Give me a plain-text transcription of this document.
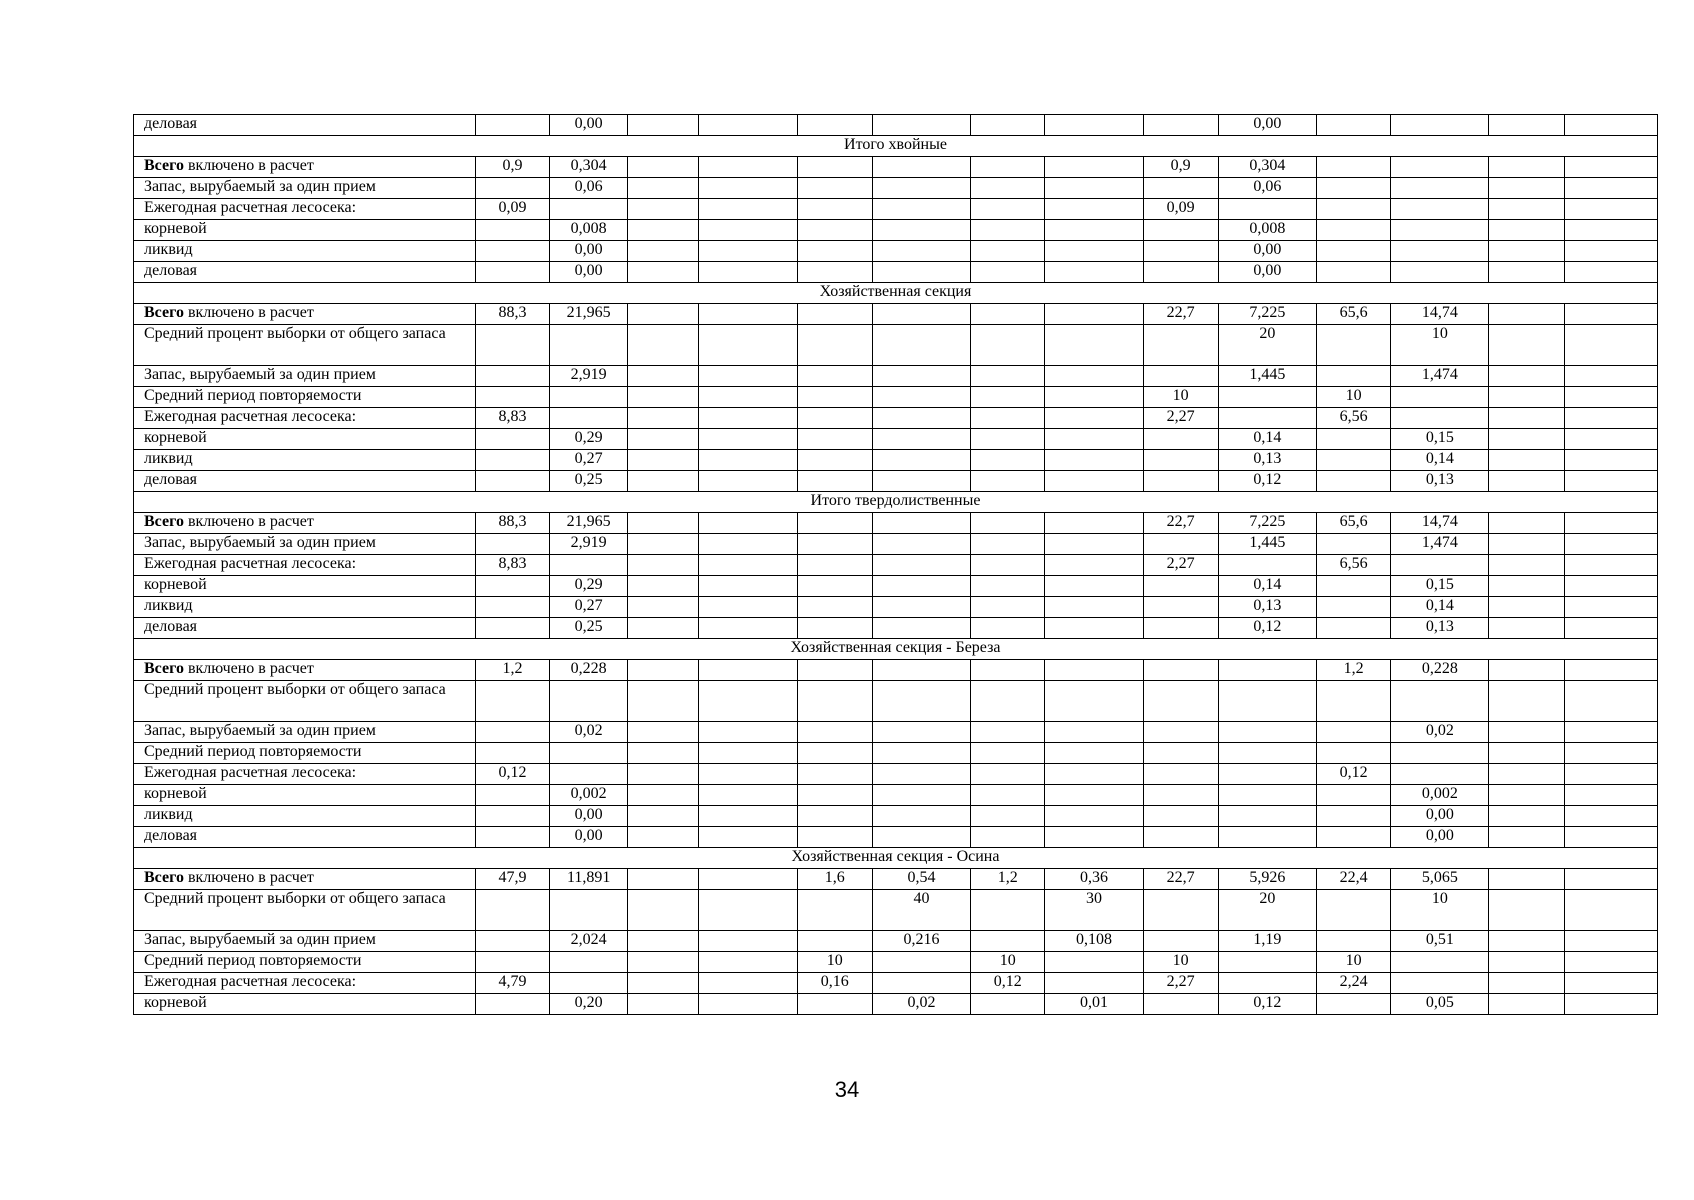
деловая		0,00								0,00				
Итого хвойные														
Всего включено в расчет	0,9	0,304							0,9	0,304				
Запас, вырубаемый за один прием		0,06								0,06				
Ежегодная расчетная лесосека:	0,09								0,09					
корневой		0,008								0,008				
ликвид		0,00								0,00				
деловая		0,00								0,00				
Хозяйственная секция														
Всего включено в расчет	88,3	21,965							22,7	7,225	65,6	14,74		
Средний процент выборки от общего запаса										20		10		
Запас, вырубаемый за один прием		2,919								1,445		1,474		
Средний период повторяемости									10		10			
Ежегодная расчетная лесосека:	8,83								2,27		6,56			
корневой		0,29								0,14		0,15		
ликвид		0,27								0,13		0,14		
деловая		0,25								0,12		0,13		
Итого твердолиственные														
Всего включено в расчет	88,3	21,965							22,7	7,225	65,6	14,74		
Запас, вырубаемый за один прием		2,919								1,445		1,474		
Ежегодная расчетная лесосека:	8,83								2,27		6,56			
корневой		0,29								0,14		0,15		
ликвид		0,27								0,13		0,14		
деловая		0,25								0,12		0,13		
Хозяйственная секция - Береза														
Всего включено в расчет	1,2	0,228									1,2	0,228		
Средний процент выборки от общего запаса														
Запас, вырубаемый за один прием		0,02										0,02		
Средний период повторяемости														
Ежегодная расчетная лесосека:	0,12										0,12			
корневой		0,002										0,002		
ликвид		0,00										0,00		
деловая		0,00										0,00		
Хозяйственная секция - Осина														
Всего включено в расчет	47,9	11,891			1,6	0,54	1,2	0,36	22,7	5,926	22,4	5,065		
Средний процент выборки от общего запаса						40		30		20		10		
Запас, вырубаемый за один прием		2,024				0,216		0,108		1,19		0,51		
Средний период повторяемости					10		10		10		10			
Ежегодная расчетная лесосека:	4,79				0,16		0,12		2,27		2,24			
корневой		0,20				0,02		0,01		0,12		0,05		
34
